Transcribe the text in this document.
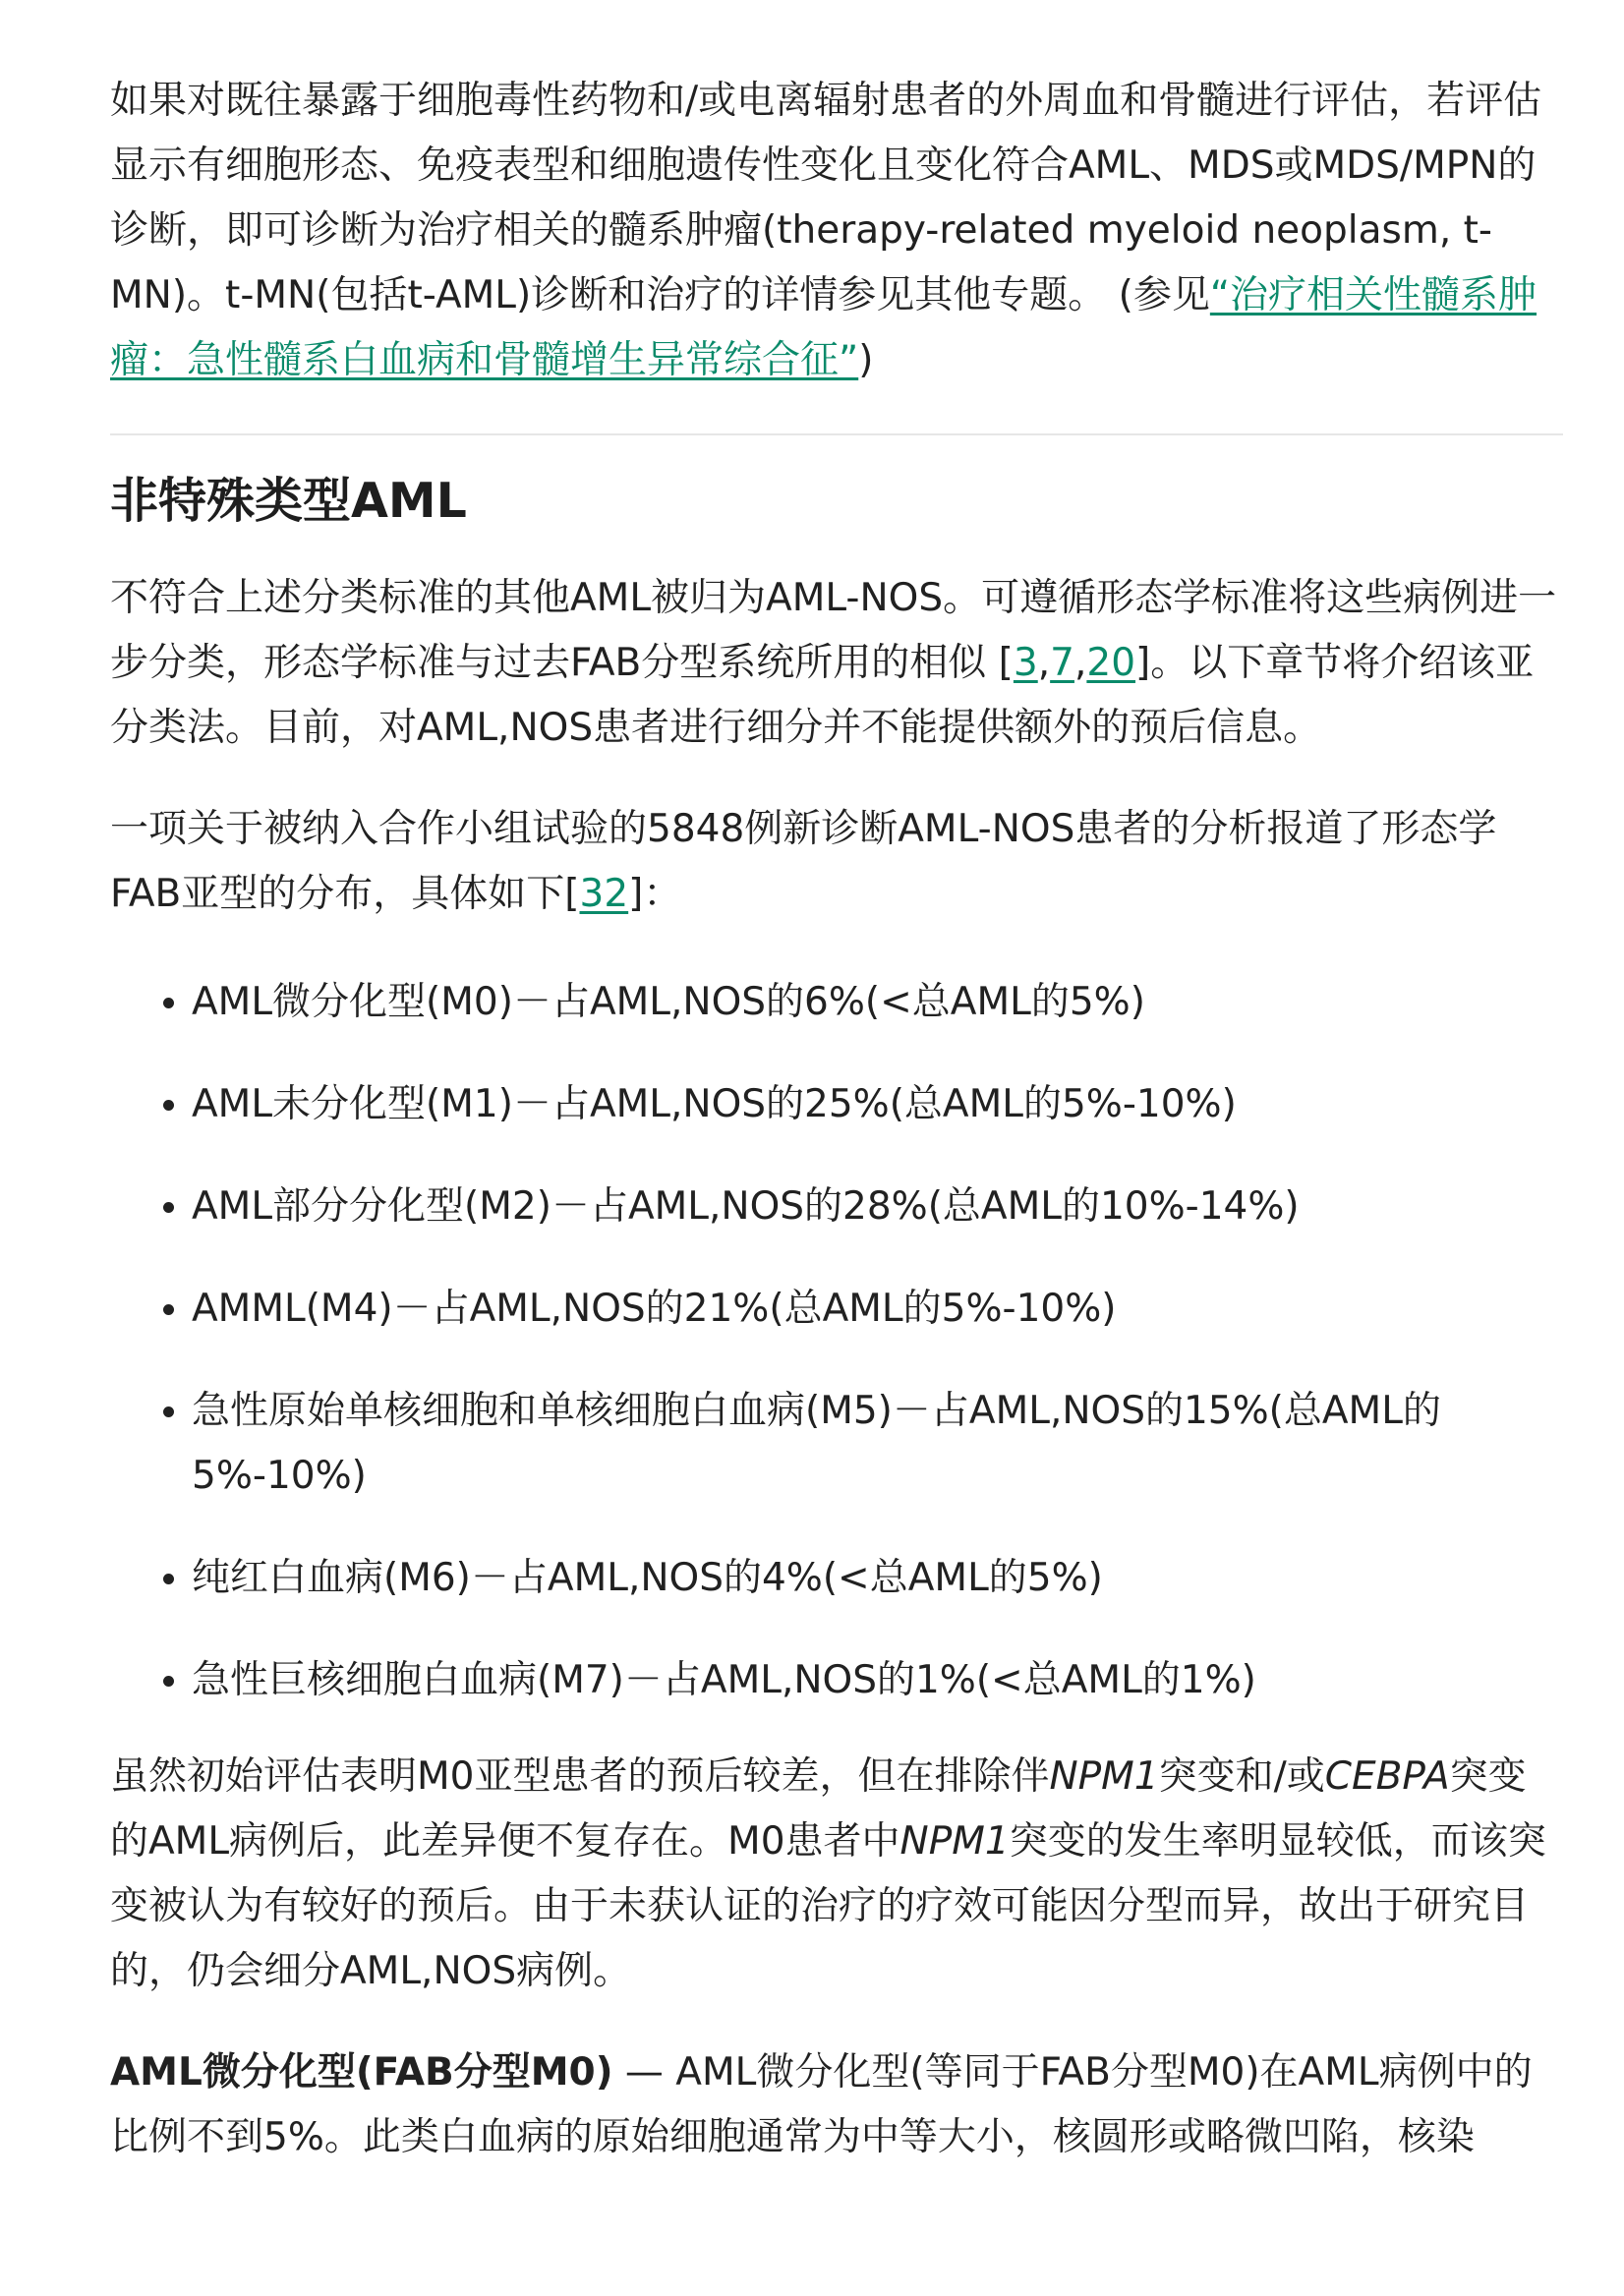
如果对既往暴露于细胞毒性药物和/或电离辐射患者的外周血和骨髓进行评估，若评估显示有细胞形态、免疫表型和细胞遗传性变化且变化符合AML、MDS或MDS/MPN的诊断，即可诊断为治疗相关的髓系肿瘤(therapy-related myeloid neoplasm, t-MN)。t-MN(包括t-AML)诊断和治疗的详情参见其他专题。 (参见“治疗相关性髓系肿瘤：急性髓系白血病和骨髓增生异常综合征”)

非特殊类型AML

不符合上述分类标准的其他AML被归为AML-NOS。可遵循形态学标准将这些病例进一步分类，形态学标准与过去FAB分型系统所用的相似 [3,7,20]。以下章节将介绍该亚分类法。目前，对AML,NOS患者进行细分并不能提供额外的预后信息。

一项关于被纳入合作小组试验的5848例新诊断AML-NOS患者的分析报道了形态学FAB亚型的分布，具体如下[32]：

AML微分化型(M0)－占AML,NOS的6%(<总AML的5%)
AML未分化型(M1)－占AML,NOS的25%(总AML的5%-10%)
AML部分分化型(M2)－占AML,NOS的28%(总AML的10%-14%)
AMML(M4)－占AML,NOS的21%(总AML的5%-10%)
急性原始单核细胞和单核细胞白血病(M5)－占AML,NOS的15%(总AML的5%-10%)
纯红白血病(M6)－占AML,NOS的4%(<总AML的5%)
急性巨核细胞白血病(M7)－占AML,NOS的1%(<总AML的1%)

虽然初始评估表明M0亚型患者的预后较差，但在排除伴NPM1突变和/或CEBPA突变的AML病例后，此差异便不复存在。M0患者中NPM1突变的发生率明显较低，而该突变被认为有较好的预后。由于未获认证的治疗的疗效可能因分型而异，故出于研究目的，仍会细分AML,NOS病例。

AML微分化型(FAB分型M0) — AML微分化型(等同于FAB分型M0)在AML病例中的比例不到5%。此类白血病的原始细胞通常为中等大小，核圆形或略微凹陷，核染
